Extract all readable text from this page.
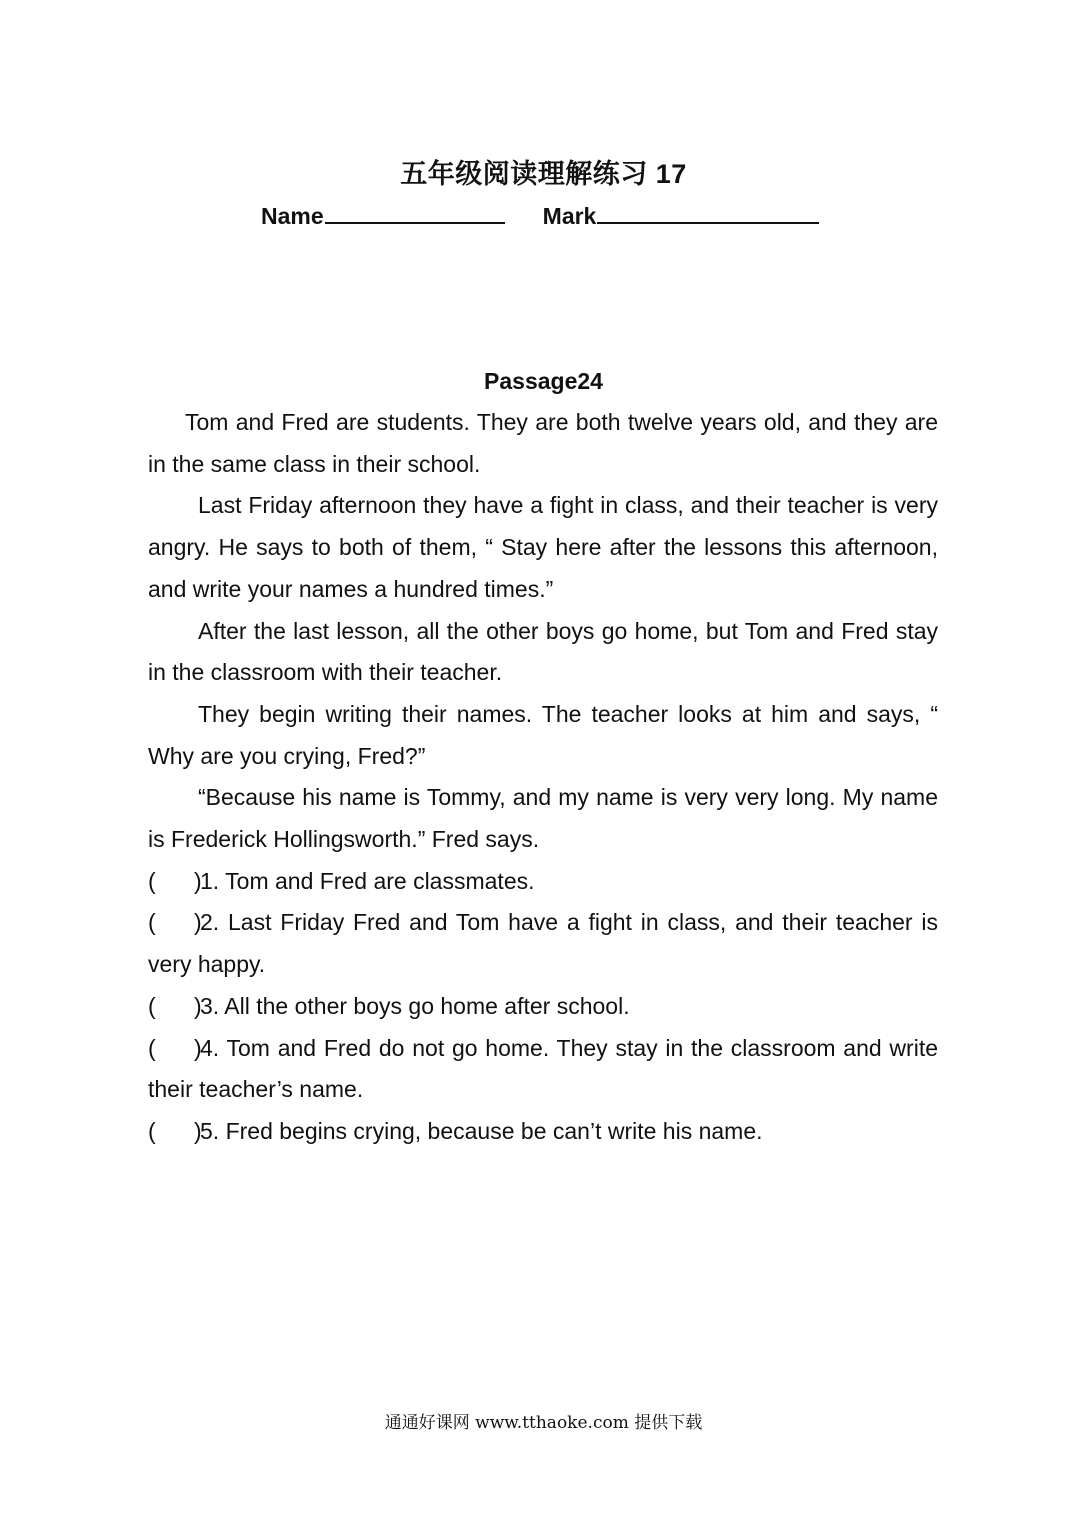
五年级阅读理解练习 17
Name	Mark
Passage24

Tom and Fred are students. They are both twelve years old, and they are in the same class in their school.

Last Friday afternoon they have a fight in class, and their teacher is very angry. He says to both of them, “ Stay here after the lessons this afternoon, and write your names a hundred times.”

After the last lesson, all the other boys go home, but Tom and Fred stay in the classroom with their teacher.

They begin writing their names. The teacher looks at him and says, “ Why are you crying, Fred?”

“Because his name is Tommy, and my name is very very long. My name is Frederick Hollingsworth.” Fred says.

(      )1. Tom and Fred are classmates.

(      )2. Last Friday Fred and Tom have a fight in class, and their teacher is very happy.

(      )3. All the other boys go home after school.

(      )4. Tom and Fred do not go home. They stay in the classroom and write their teacher’s name.

(      )5. Fred begins crying, because be can’t write his name.

通通好课网 www.tthaoke.com 提供下载
